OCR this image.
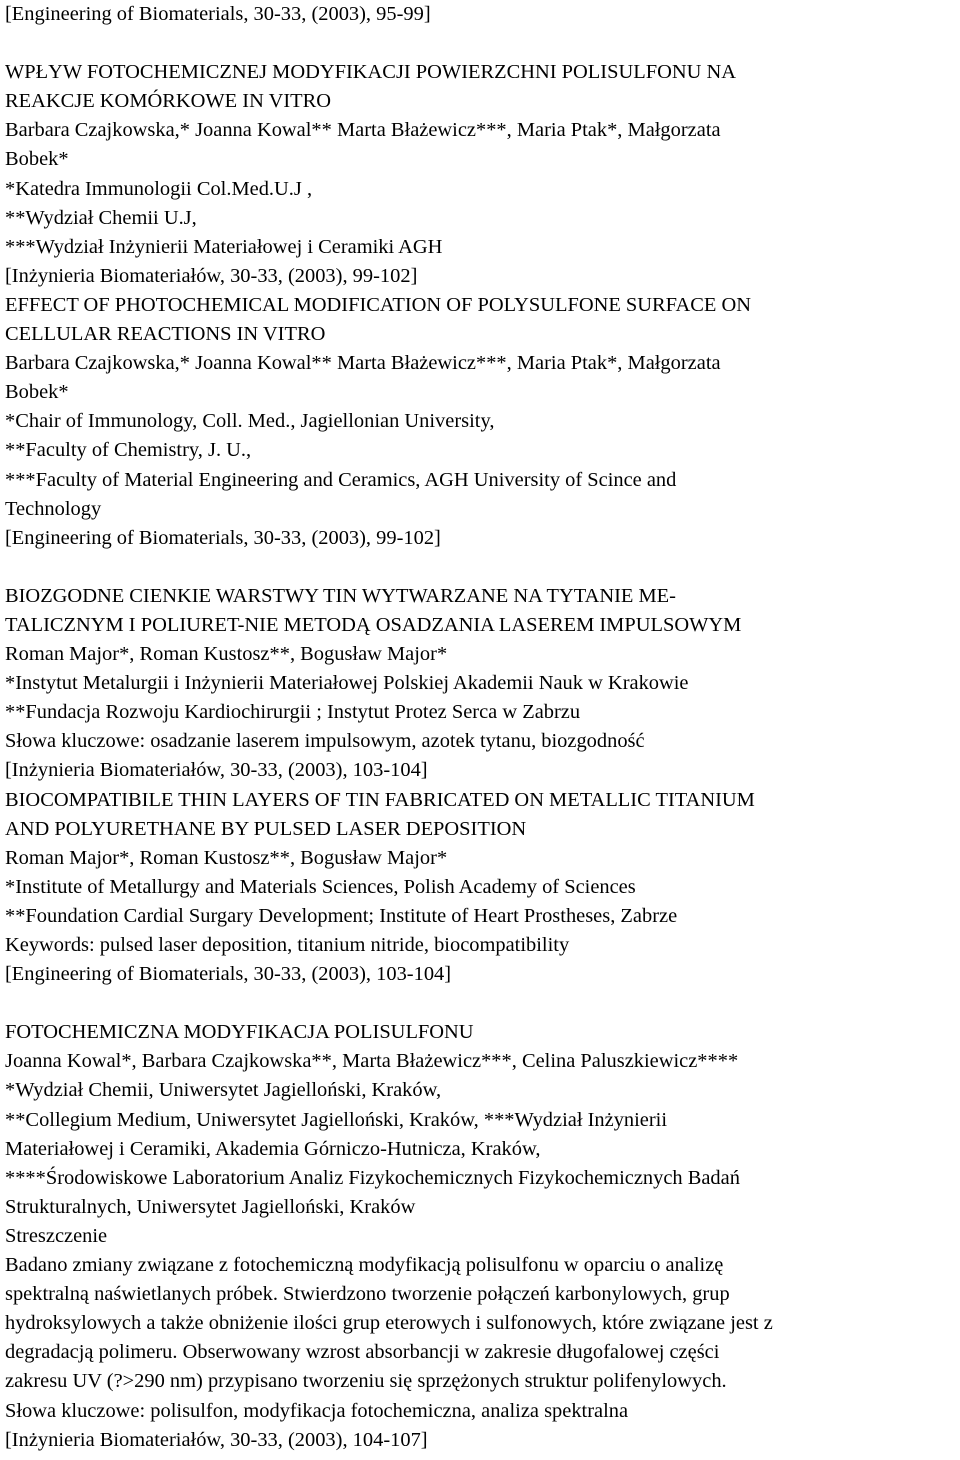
[Engineering of Biomaterials, 30-33, (2003), 95-99]
WPŁYW FOTOCHEMICZNEJ MODYFIKACJI POWIERZCHNI POLISULFONU NA
REAKCJE KOMÓRKOWE IN VITRO
Barbara Czajkowska,* Joanna Kowal** Marta Błażewicz***, Maria Ptak*, Małgorzata
Bobek*
*Katedra Immunologii Col.Med.U.J ,
**Wydział Chemii U.J,
***Wydział Inżynierii Materiałowej i Ceramiki AGH
[Inżynieria Biomateriałów, 30-33, (2003), 99-102]
EFFECT OF PHOTOCHEMICAL MODIFICATION OF POLYSULFONE SURFACE ON
CELLULAR REACTIONS IN VITRO
Barbara Czajkowska,* Joanna Kowal** Marta Błażewicz***, Maria Ptak*, Małgorzata
Bobek*
*Chair of Immunology, Coll. Med., Jagiellonian University,
**Faculty of Chemistry, J. U.,
***Faculty of Material Engineering and Ceramics, AGH University of Scince and
Technology
[Engineering of Biomaterials, 30-33, (2003), 99-102]
BIOZGODNE CIENKIE WARSTWY TIN WYTWARZANE NA TYTANIE ME-
TALICZNYM I POLIURET-NIE METODĄ OSADZANIA LASEREM IMPULSOWYM
Roman Major*, Roman Kustosz**, Bogusław Major*
*Instytut Metalurgii i Inżynierii Materiałowej Polskiej Akademii Nauk w Krakowie
**Fundacja Rozwoju Kardiochirurgii ; Instytut Protez Serca w Zabrzu
Słowa kluczowe: osadzanie laserem impulsowym, azotek tytanu, biozgodność
[Inżynieria Biomateriałów, 30-33, (2003), 103-104]
BIOCOMPATIBILE THIN LAYERS OF TIN FABRICATED ON METALLIC TITANIUM
AND POLYURETHANE BY PULSED LASER DEPOSITION
Roman Major*, Roman Kustosz**, Bogusław Major*
*Institute of Metallurgy and Materials Sciences, Polish Academy of Sciences
**Foundation Cardial Surgary Development; Institute of Heart Prostheses, Zabrze
Keywords: pulsed laser deposition, titanium nitride, biocompatibility
[Engineering of Biomaterials, 30-33, (2003), 103-104]
FOTOCHEMICZNA MODYFIKACJA POLISULFONU
Joanna Kowal*, Barbara Czajkowska**, Marta Błażewicz***, Celina Paluszkiewicz****
*Wydział Chemii, Uniwersytet Jagielloński, Kraków,
**Collegium Medium, Uniwersytet Jagielloński, Kraków, ***Wydział Inżynierii
Materiałowej i Ceramiki, Akademia Górniczo-Hutnicza, Kraków,
****Środowiskowe Laboratorium Analiz Fizykochemicznych Fizykochemicznych Badań
Strukturalnych, Uniwersytet Jagielloński, Kraków
Streszczenie
Badano zmiany związane z fotochemiczną modyfikacją polisulfonu w oparciu o analizę
spektralną naświetlanych próbek. Stwierdzono tworzenie połączeń karbonylowych, grup
hydroksylowych a także obniżenie ilości grup eterowych i sulfonowych, które związane jest z
degradacją polimeru. Obserwowany wzrost absorbancji w zakresie długofalowej części
zakresu UV (?>290 nm) przypisano tworzeniu się sprzężonych struktur polifenylowych.
Słowa kluczowe: polisulfon, modyfikacja fotochemiczna, analiza spektralna
[Inżynieria Biomateriałów, 30-33, (2003), 104-107]
